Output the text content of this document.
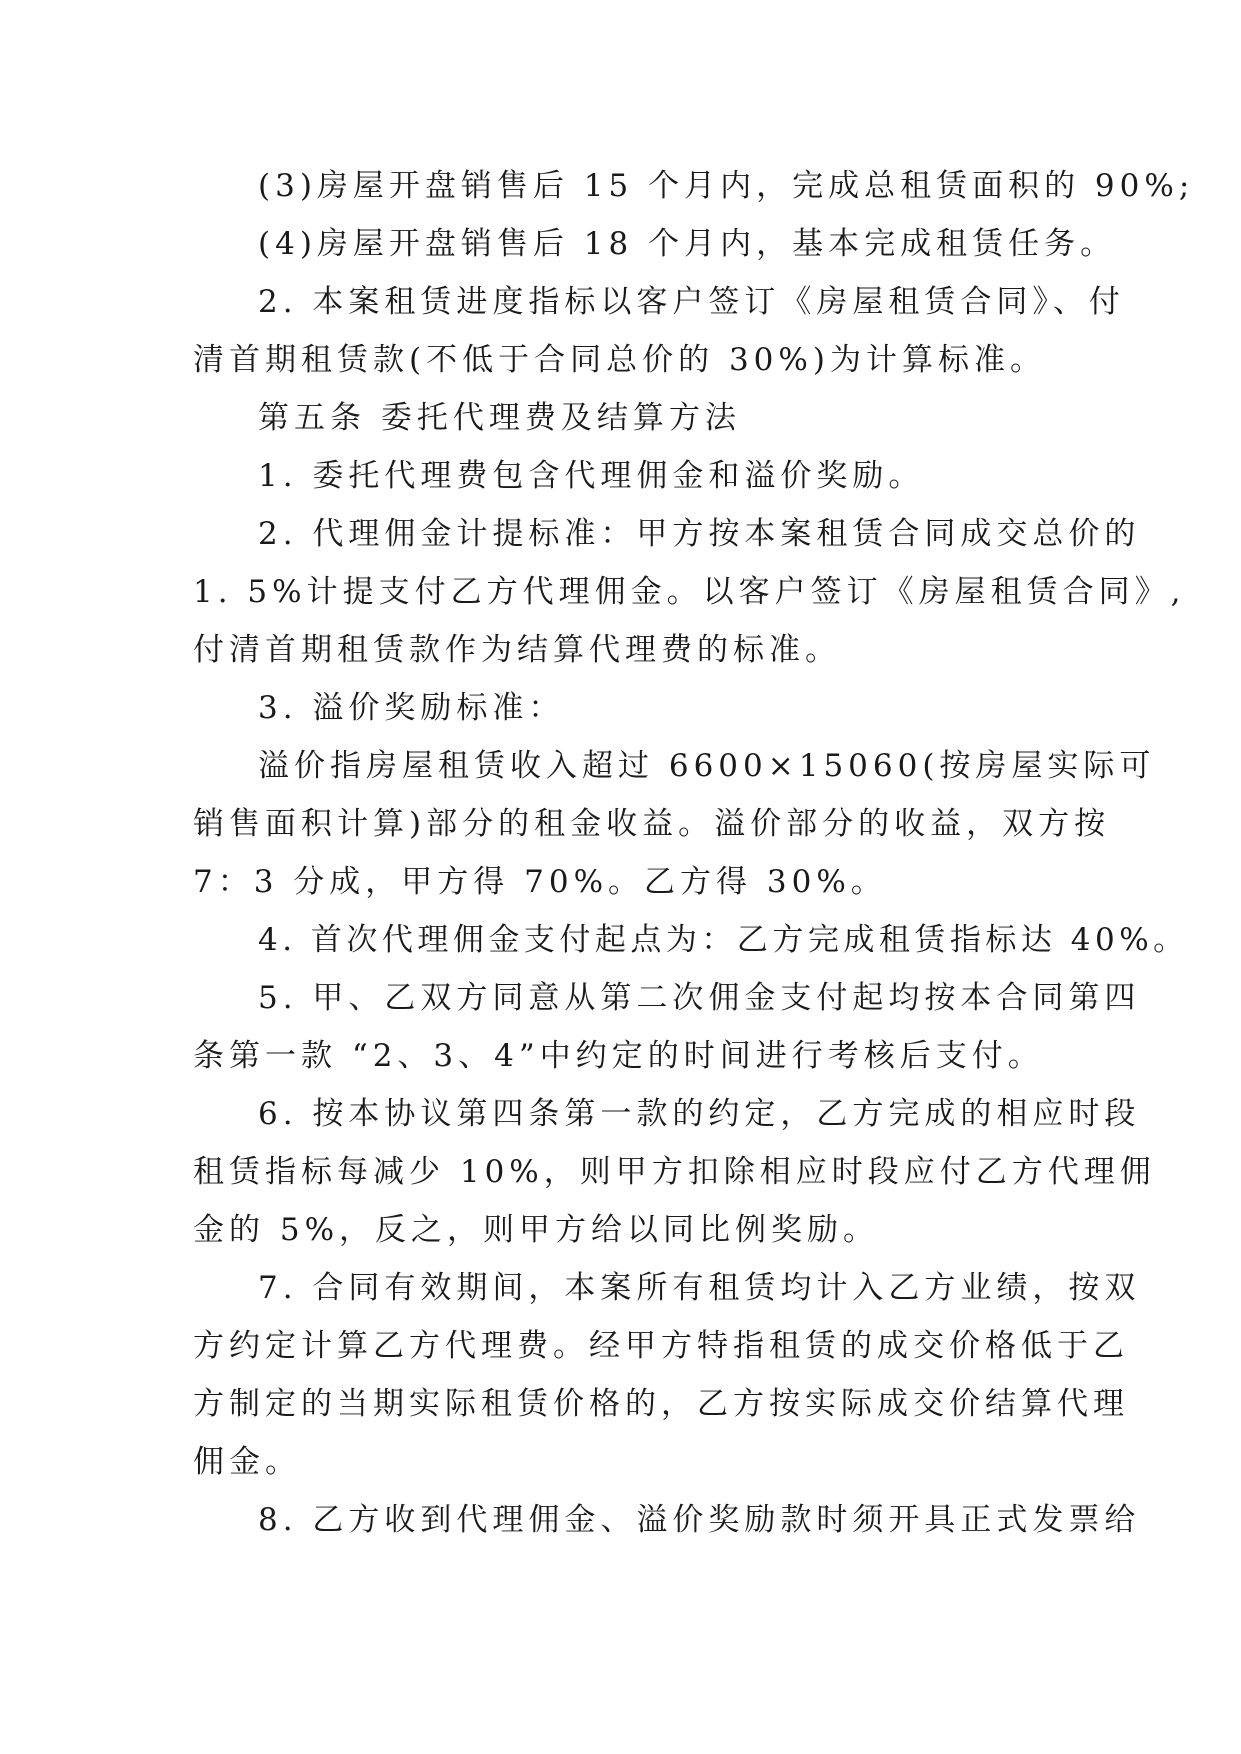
(3)房屋开盘销售后 15 个月内，完成总租赁面积的 90%;
(4)房屋开盘销售后 18 个月内，基本完成租赁任务。
2. 本案租赁进度指标以客户签订《房屋租赁合同》、付
清首期租赁款(不低于合同总价的 30%)为计算标准。
第五条 委托代理费及结算方法
1. 委托代理费包含代理佣金和溢价奖励。
2. 代理佣金计提标准：甲方按本案租赁合同成交总价的
1. 5%计提支付乙方代理佣金。以客户签订《房屋租赁合同》,
付清首期租赁款作为结算代理费的标准。
3. 溢价奖励标准：
溢价指房屋租赁收入超过 6600×15060(按房屋实际可
销售面积计算)部分的租金收益。溢价部分的收益，双方按
7：3 分成，甲方得 70%。乙方得 30%。
4. 首次代理佣金支付起点为：乙方完成租赁指标达 40%。
5. 甲、乙双方同意从第二次佣金支付起均按本合同第四
条第一款 “2、3、4”中约定的时间进行考核后支付。
6. 按本协议第四条第一款的约定，乙方完成的相应时段
租赁指标每减少 10%，则甲方扣除相应时段应付乙方代理佣
金的 5%，反之，则甲方给以同比例奖励。
7. 合同有效期间，本案所有租赁均计入乙方业绩，按双
方约定计算乙方代理费。经甲方特指租赁的成交价格低于乙
方制定的当期实际租赁价格的，乙方按实际成交价结算代理
佣金。
8. 乙方收到代理佣金、溢价奖励款时须开具正式发票给
